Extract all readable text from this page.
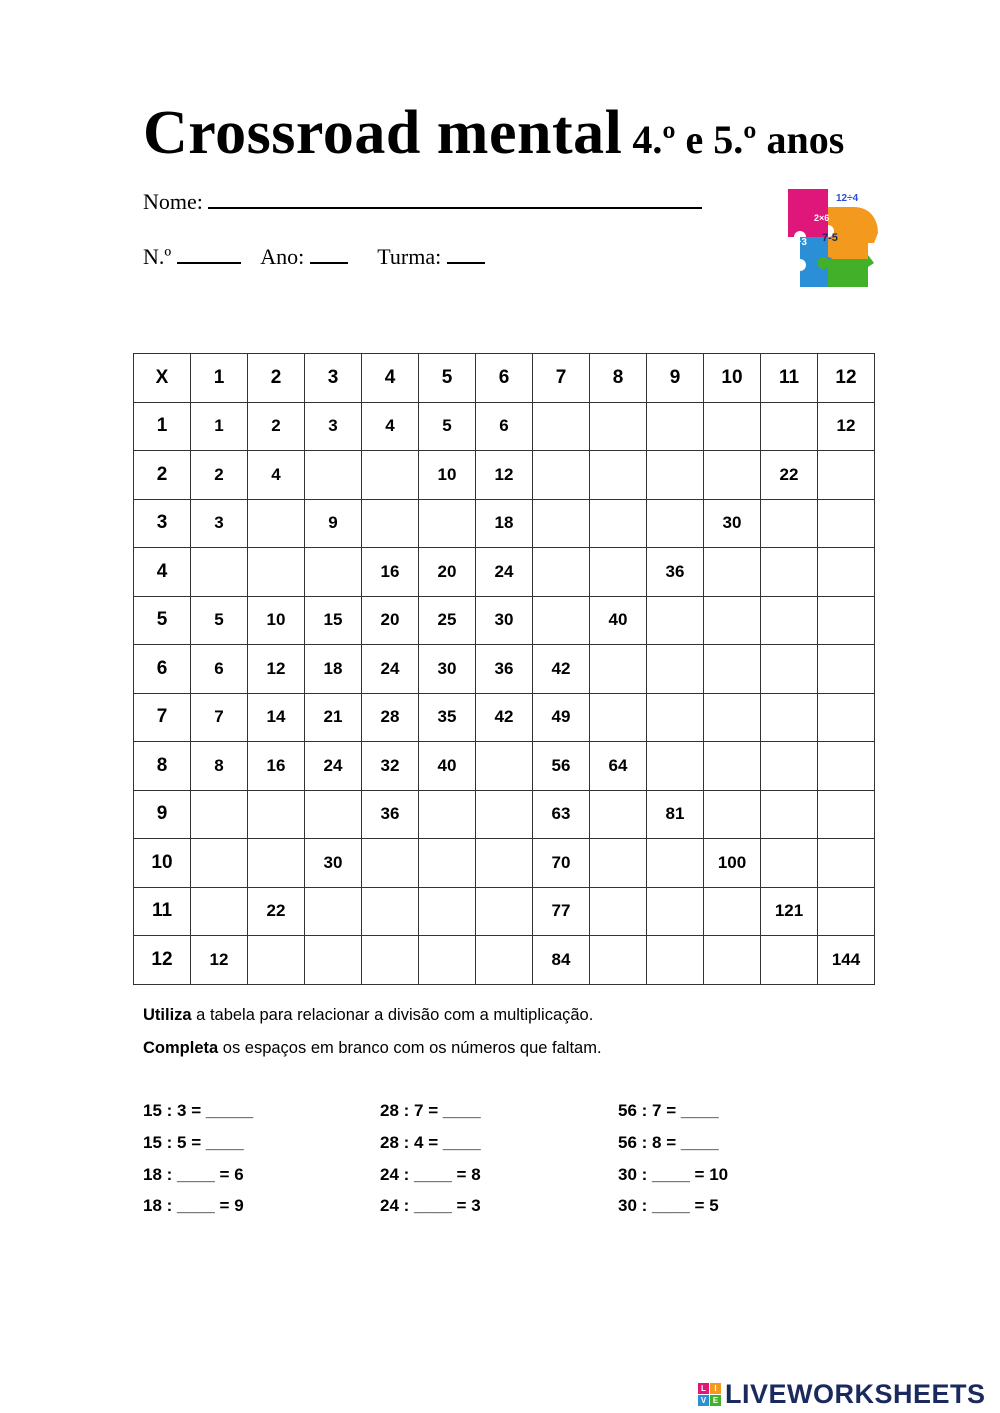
Crossroad mental 4.º e 5.º anos
Nome:
N.º	Ano:	Turma:
12÷4
2×6
7-5
3+3
X	1	2	3	4	5	6	7	8	9	10	11	12
1	1	2	3	4	5	6						12
2	2	4			10	12					22	
3	3		9			18				30		
4				16	20	24			36			
5	5	10	15	20	25	30		40				
6	6	12	18	24	30	36	42					
7	7	14	21	28	35	42	49					
8	8	16	24	32	40		56	64				
9				36			63		81			
10			30				70			100		
11		22					77				121	
12	12						84					144
Utiliza a tabela para relacionar a divisão com a multiplicação.
Completa os espaços em branco com os números que faltam.
15 : 3 = _____	28 : 7 = ____	56 : 7 = ____
15 : 5 = ____	28 : 4 = ____	56 : 8 = ____
18 : ____ = 6	24 : ____ = 8	30 : ____ = 10
18 : ____ = 9	24 : ____ = 3	30 : ____ = 5
L	I
V E LIVEWORKSHEETS
